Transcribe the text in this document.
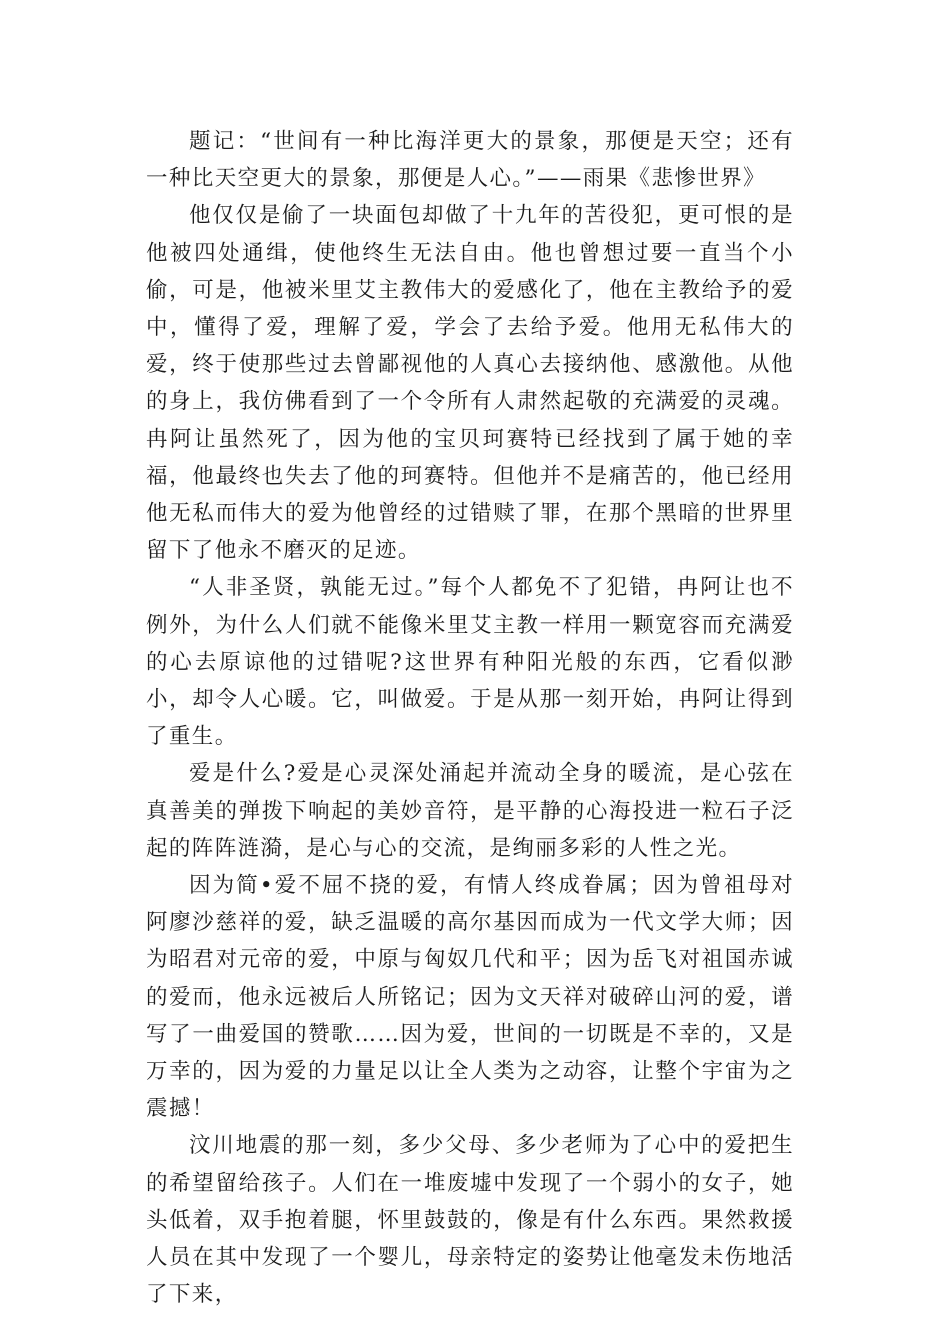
题记：“世间有一种比海洋更大的景象，那便是天空；还有一种比天空更大的景象，那便是人心。”——雨果《悲惨世界》

他仅仅是偷了一块面包却做了十九年的苦役犯，更可恨的是他被四处通缉，使他终生无法自由。他也曾想过要一直当个小偷，可是，他被米里艾主教伟大的爱感化了，他在主教给予的爱中，懂得了爱，理解了爱，学会了去给予爱。他用无私伟大的爱，终于使那些过去曾鄙视他的人真心去接纳他、感激他。从他的身上，我仿佛看到了一个令所有人肃然起敬的充满爱的灵魂。冉阿让虽然死了，因为他的宝贝珂赛特已经找到了属于她的幸福，他最终也失去了他的珂赛特。但他并不是痛苦的，他已经用他无私而伟大的爱为他曾经的过错赎了罪，在那个黑暗的世界里留下了他永不磨灭的足迹。

“人非圣贤，孰能无过。”每个人都免不了犯错，冉阿让也不例外，为什么人们就不能像米里艾主教一样用一颗宽容而充满爱的心去原谅他的过错呢?这世界有种阳光般的东西，它看似渺小，却令人心暖。它，叫做爱。于是从那一刻开始，冉阿让得到了重生。

爱是什么?爱是心灵深处涌起并流动全身的暖流，是心弦在真善美的弹拨下响起的美妙音符，是平静的心海投进一粒石子泛起的阵阵涟漪，是心与心的交流，是绚丽多彩的人性之光。

因为简•爱不屈不挠的爱，有情人终成眷属；因为曾祖母对阿廖沙慈祥的爱，缺乏温暖的高尔基因而成为一代文学大师；因为昭君对元帝的爱，中原与匈奴几代和平；因为岳飞对祖国赤诚的爱而，他永远被后人所铭记；因为文天祥对破碎山河的爱，谱写了一曲爱国的赞歌……因为爱，世间的一切既是不幸的，又是万幸的，因为爱的力量足以让全人类为之动容，让整个宇宙为之震撼！

汶川地震的那一刻，多少父母、多少老师为了心中的爱把生的希望留给孩子。人们在一堆废墟中发现了一个弱小的女子，她头低着，双手抱着腿，怀里鼓鼓的，像是有什么东西。果然救援人员在其中发现了一个婴儿，母亲特定的姿势让他毫发未伤地活了下来，
